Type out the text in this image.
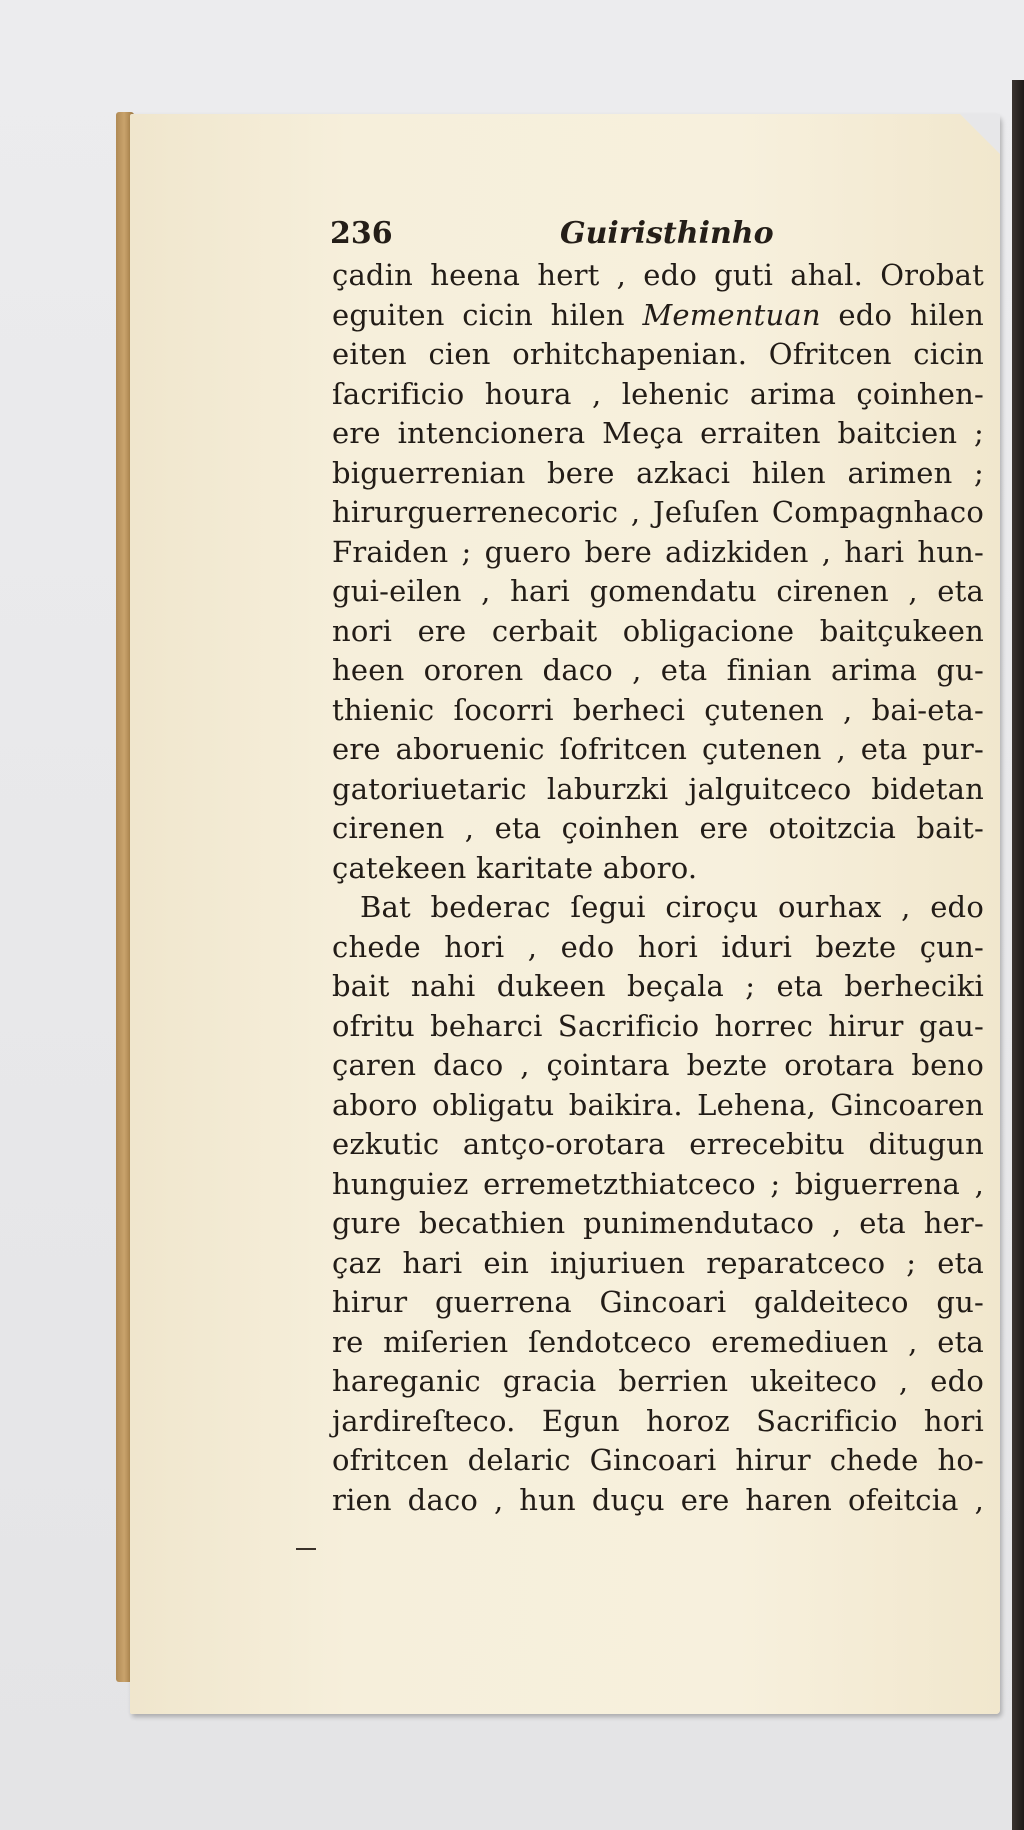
236	Guiristhinho
çadin heena hert , edo guti ahal. Orobat
eguiten cicin hilen Mementuan edo hilen
eiten cien orhitchapenian. Ofritcen cicin
ſacrificio houra , lehenic arima çoinhen-
ere intencionera Meça erraiten baitcien ;
biguerrenian bere azkaci hilen arimen ;
hirurguerrenecoric , Jeſuſen Compagnhaco
Fraiden ; guero bere adizkiden , hari hun-
gui-eilen , hari gomendatu cirenen , eta
nori ere cerbait obligacione baitçukeen
heen ororen daco , eta finian arima gu-
thienic ſocorri berheci çutenen , bai-eta-
ere aboruenic ſofritcen çutenen , eta pur-
gatoriuetaric laburzki jalguitceco bidetan
cirenen , eta çoinhen ere otoitzcia bait-
çatekeen karitate aboro.
Bat bederac ſegui ciroçu ourhax , edo
chede hori , edo hori iduri bezte çun-
bait nahi dukeen beçala ; eta berheciki
ofritu beharci Sacrificio horrec hirur gau-
çaren daco , çointara bezte orotara beno
aboro obligatu baikira. Lehena, Gincoaren
ezkutic antço-orotara errecebitu ditugun
hunguiez erremetzthiatceco ; biguerrena ,
gure becathien punimendutaco , eta her-
çaz hari ein injuriuen reparatceco ; eta
hirur guerrena Gincoari galdeiteco gu-
re miſerien ſendotceco eremediuen , eta
hareganic gracia berrien ukeiteco , edo
jardireſteco. Egun horoz Sacrificio hori
ofritcen delaric Gincoari hirur chede ho-
rien daco , hun duçu ere haren ofeitcia ,
